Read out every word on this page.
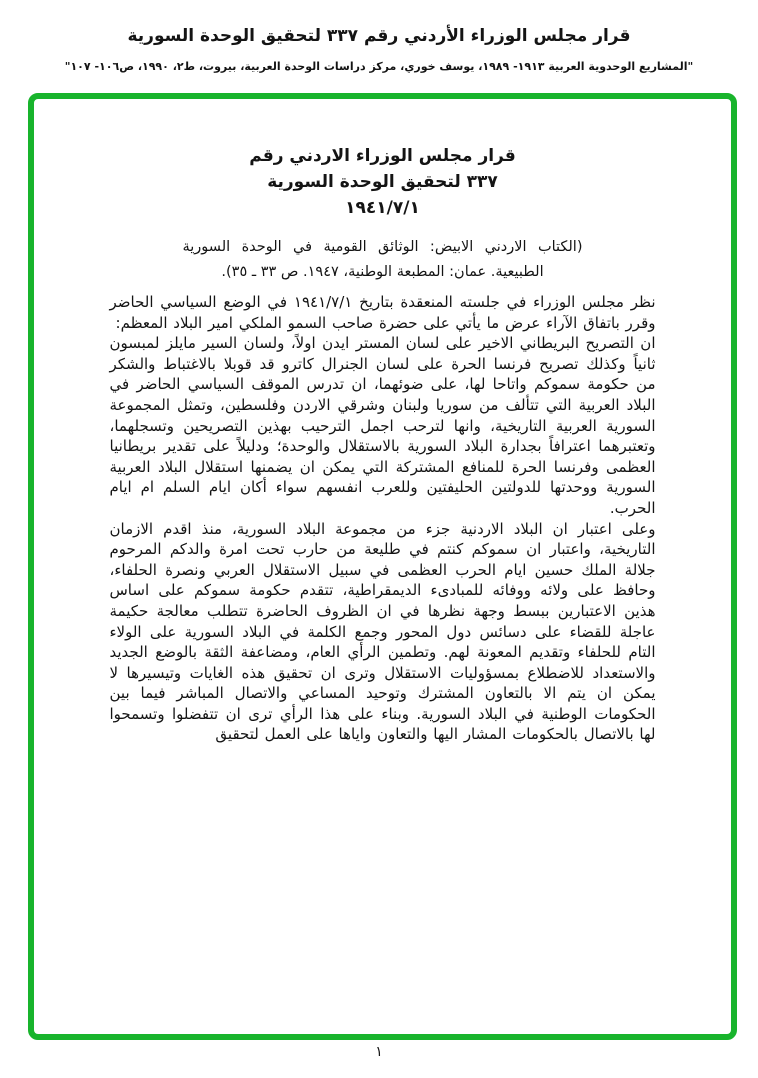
قرار مجلس الوزراء الأردني رقم ٣٣٧ لتحقيق الوحدة السورية
"المشاريع الوحدوية العربية ١٩١٣- ١٩٨٩، يوسف خوري، مركز دراسات الوحدة العربية، بيروت، ط٢، ١٩٩٠، ص١٠٦- ١٠٧"
قرار مجلس الوزراء الاردني رقم
٣٣٧ لتحقيق الوحدة السورية
١٩٤١/٧/١
(الكتاب الاردني الابيض: الوثائق القومية في الوحدة السورية الطبيعية. عمان: المطبعة الوطنية، ١٩٤٧. ص ٣٣ ـ ٣٥).

نظر مجلس الوزراء في جلسته المنعقدة بتاريخ ١٩٤١/٧/١ في الوضع السياسي الحاضر وقرر باتفاق الآراء عرض ما يأتي على حضرة صاحب السمو الملكي امير البلاد المعظم:

ان التصريح البريطاني الاخير على لسان المستر ايدن اولاً، ولسان السير مايلز لمبسون ثانياً وكذلك تصريح فرنسا الحرة على لسان الجنرال كاترو قد قوبلا بالاغتباط والشكر من حكومة سموكم واتاحا لها، على ضوئهما، ان تدرس الموقف السياسي الحاضر في البلاد العربية التي تتألف من سوريا ولبنان وشرقي الاردن وفلسطين، وتمثل المجموعة السورية العربية التاريخية، وانها لترحب اجمل الترحيب بهذين التصريحين وتسجلهما، وتعتبرهما اعترافاً بجدارة البلاد السورية بالاستقلال والوحدة؛ ودليلاً على تقدير بريطانيا العظمى وفرنسا الحرة للمنافع المشتركة التي يمكن ان يضمنها استقلال البلاد العربية السورية ووحدتها للدولتين الحليفتين وللعرب انفسهم سواء أكان ايام السلم ام ايام الحرب.

وعلى اعتبار ان البلاد الاردنية جزء من مجموعة البلاد السورية، منذ اقدم الازمان التاريخية، واعتبار ان سموكم كنتم في طليعة من حارب تحت امرة والدكم المرحوم جلالة الملك حسين ايام الحرب العظمى في سبيل الاستقلال العربي ونصرة الحلفاء، وحافظ على ولائه ووفائه للمبادىء الديمقراطية، تتقدم حكومة سموكم على اساس هذين الاعتبارين ببسط وجهة نظرها في ان الظروف الحاضرة تتطلب معالجة حكيمة عاجلة للقضاء على دسائس دول المحور وجمع الكلمة في البلاد السورية على الولاء التام للحلفاء وتقديم المعونة لهم. وتطمين الرأي العام، ومضاعفة الثقة بالوضع الجديد والاستعداد للاضطلاع بمسؤوليات الاستقلال وترى ان تحقيق هذه الغايات وتيسيرها لا يمكن ان يتم الا بالتعاون المشترك وتوحيد المساعي والاتصال المباشر فيما بين الحكومات الوطنية في البلاد السورية. وبناء على هذا الرأي ترى ان تتفضلوا وتسمحوا لها بالاتصال بالحكومات المشار اليها والتعاون واياها على العمل لتحقيق

١
